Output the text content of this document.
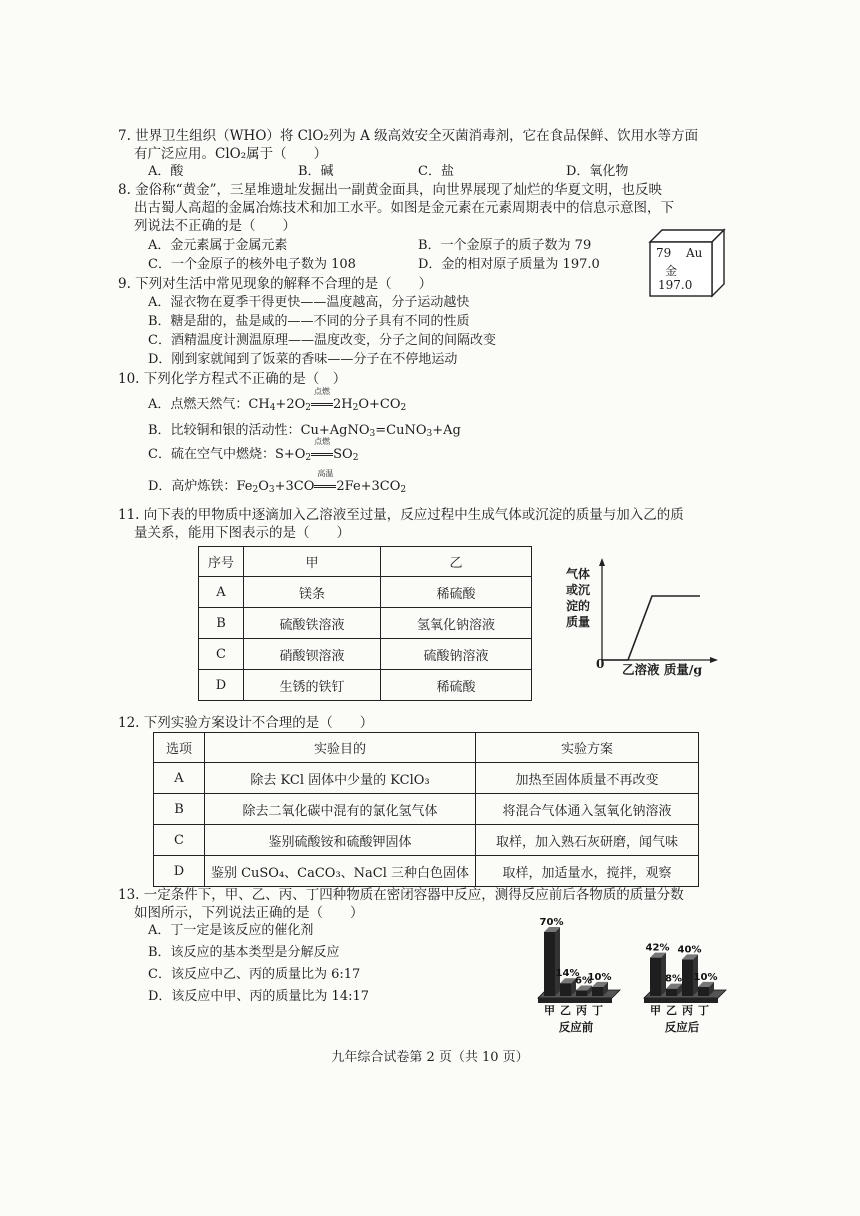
7. 世界卫生组织（WHO）将 ClO₂列为 A 级高效安全灭菌消毒剂，它在食品保鲜、饮用水等方面
有广泛应用。ClO₂属于（　　）
A．酸	B．碱	C．盐	D．氧化物
8. 金俗称“黄金”，三星堆遗址发掘出一副黄金面具，向世界展现了灿烂的华夏文明，也反映
出古蜀人高超的金属冶炼技术和加工水平。如图是金元素在元素周期表中的信息示意图，下
列说法不正确的是（　　）
A．金元素属于金属元素	B．一个金原子的质子数为 79
C．一个金原子的核外电子数为 108	D．金的相对原子质量为 197.0
79 Au
金
197.0
9. 下列对生活中常见现象的解释不合理的是（　　）
A．湿衣物在夏季干得更快——温度越高，分子运动越快
B．糖是甜的，盐是咸的——不同的分子具有不同的性质
C．酒精温度计测温原理——温度改变，分子之间的间隔改变
D．刚到家就闻到了饭菜的香味——分子在不停地运动
10. 下列化学方程式不正确的是（　）
A．点燃天然气：$CH_4+2O_2$
点燃
$2H_2O+CO_2$
B．比较铜和银的活动性：Cu+AgNO$_3$=CuNO$_3$+Ag
C．硫在空气中燃烧：$S+O_2$
点燃
$SO_2$
D．高炉炼铁：$Fe_2O_3+3CO$
高温
$2Fe+3CO_2$
11. 向下表的甲物质中逐滴加入乙溶液至过量，反应过程中生成气体或沉淀的质量与加入乙的质
量关系，能用下图表示的是（　　）
序号	甲	乙
A	镁条	稀硫酸
B	硫酸铁溶液	氢氧化钠溶液
C	硝酸钡溶液	硫酸钠溶液
D	生锈的铁钉	稀硫酸
气体
或沉
淀的
质量
0 乙溶液 质量/g
12. 下列实验方案设计不合理的是（　　）
选项	实验目的	实验方案
A	除去 KCl 固体中少量的 KClO₃	加热至固体质量不再改变
B	除去二氧化碳中混有的氯化氢气体	将混合气体通入氢氧化钠溶液
C	鉴别硫酸铵和硫酸钾固体	取样，加入熟石灰研磨，闻气味
D	鉴别 CuSO₄、CaCO₃、NaCl 三种白色固体	取样，加适量水，搅拌，观察
13. 一定条件下，甲、乙、丙、丁四种物质在密闭容器中反应，测得反应前后各物质的质量分数
如图所示，下列说法正确的是（　　）
A．丁一定是该反应的催化剂
B．该反应的基本类型是分解反应
C．该反应中乙、丙的质量比为 6:17
D．该反应中甲、丙的质量比为 14:17
70%
甲
14%
乙
6%
丙
10%
丁
反应前
42%
甲
8%
乙
40%
丙
10%
丁
反应后
九年综合试卷第 2 页（共 10 页）
